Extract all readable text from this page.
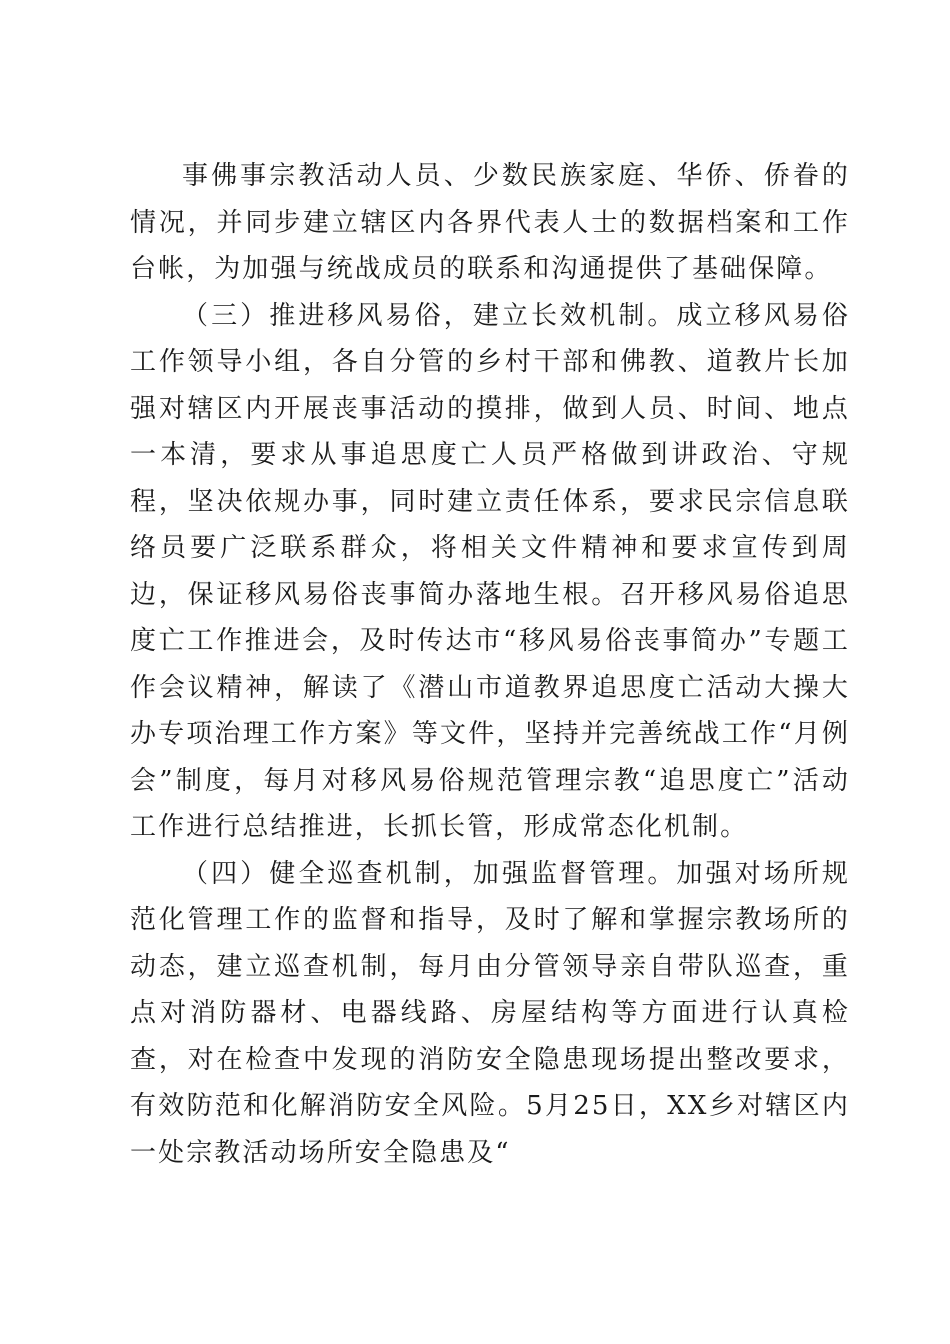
事佛事宗教活动人员、少数民族家庭、华侨、侨眷的情况，并同步建立辖区内各界代表人士的数据档案和工作台帐，为加强与统战成员的联系和沟通提供了基础保障。

（三）推进移风易俗，建立长效机制。成立移风易俗工作领导小组，各自分管的乡村干部和佛教、道教片长加强对辖区内开展丧事活动的摸排，做到人员、时间、地点一本清，要求从事追思度亡人员严格做到讲政治、守规程，坚决依规办事，同时建立责任体系，要求民宗信息联络员要广泛联系群众，将相关文件精神和要求宣传到周边，保证移风易俗丧事简办落地生根。召开移风易俗追思度亡工作推进会，及时传达市“移风易俗丧事简办”专题工作会议精神，解读了《潜山市道教界追思度亡活动大操大办专项治理工作方案》等文件，坚持并完善统战工作“月例会”制度，每月对移风易俗规范管理宗教“追思度亡”活动工作进行总结推进，长抓长管，形成常态化机制。

（四）健全巡查机制，加强监督管理。加强对场所规范化管理工作的监督和指导，及时了解和掌握宗教场所的动态，建立巡查机制，每月由分管领导亲自带队巡查，重点对消防器材、电器线路、房屋结构等方面进行认真检查，对在检查中发现的消防安全隐患现场提出整改要求，有效防范和化解消防安全风险。5月25日，XX乡对辖区内一处宗教活动场所安全隐患及“
